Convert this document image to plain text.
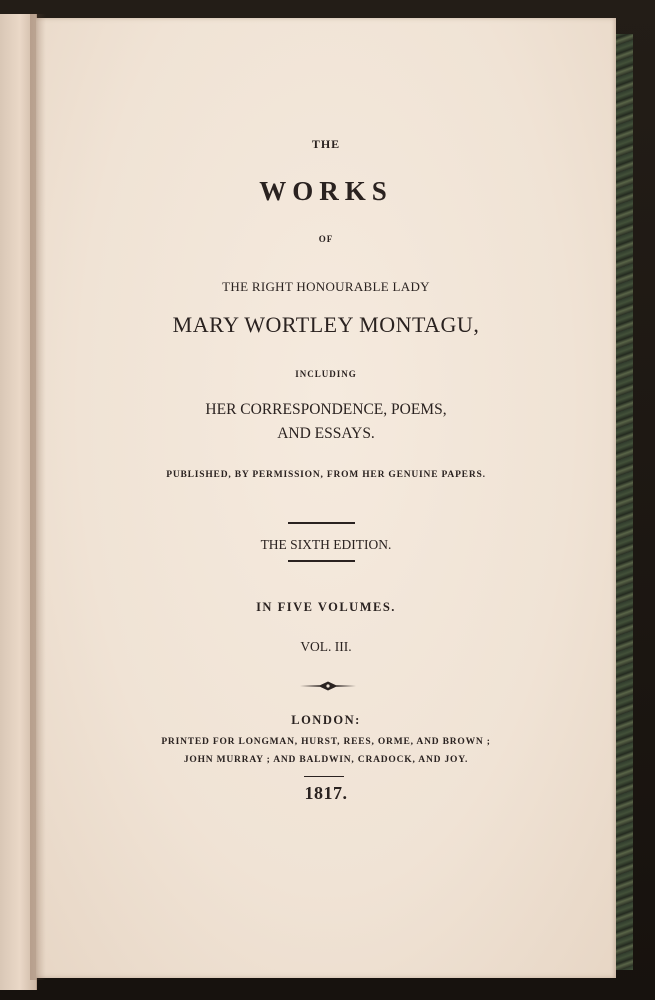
THE
WORKS
OF
THE RIGHT HONOURABLE LADY
MARY WORTLEY MONTAGU,
INCLUDING
HER CORRESPONDENCE, POEMS,
AND ESSAYS.
PUBLISHED, BY PERMISSION, FROM HER GENUINE PAPERS.
THE SIXTH EDITION.
IN FIVE VOLUMES.
VOL. III.
LONDON:
PRINTED FOR LONGMAN, HURST, REES, ORME, AND BROWN ;
JOHN MURRAY ; AND BALDWIN, CRADOCK, AND JOY.
1817.
